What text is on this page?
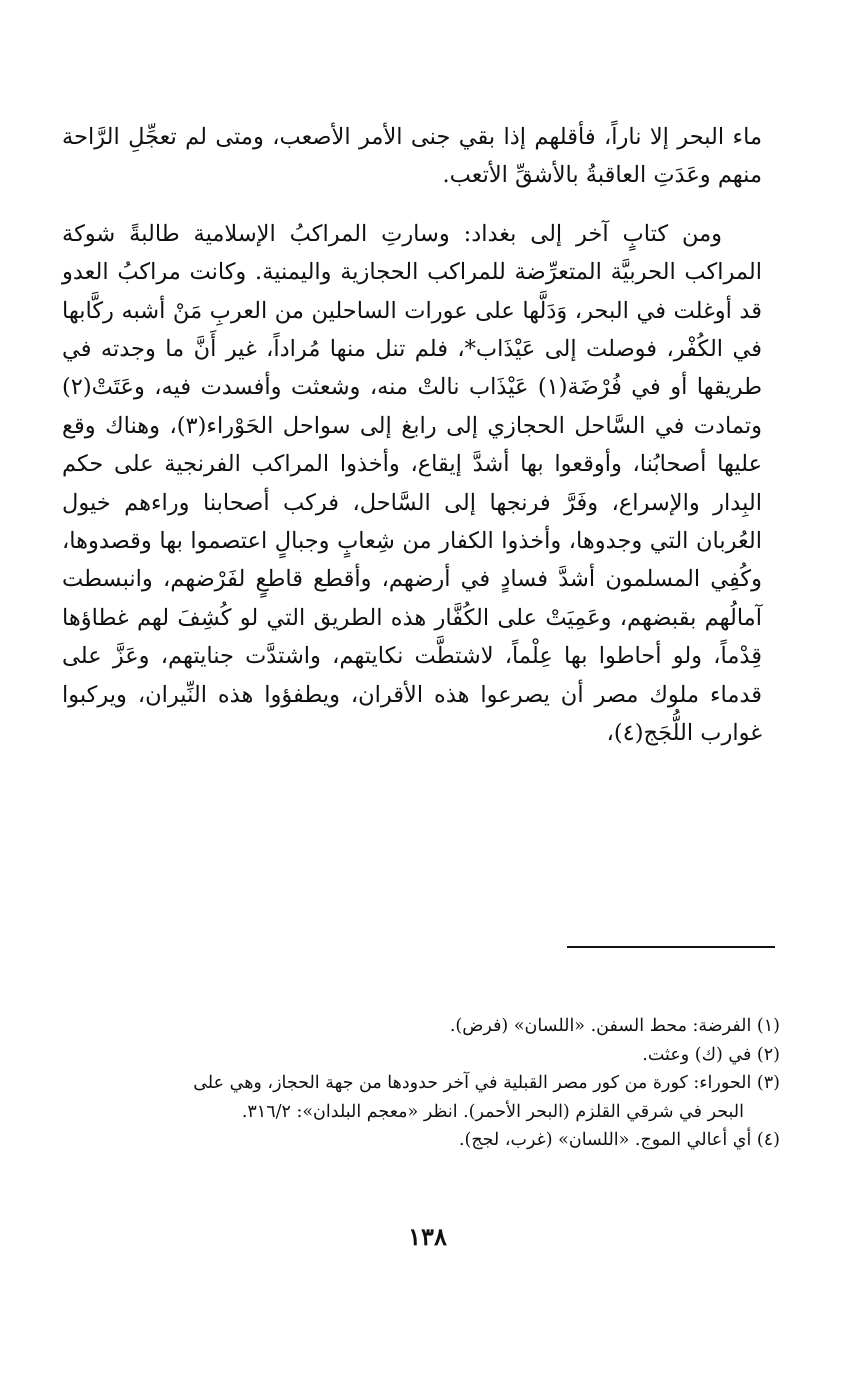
ماء البحر إلا ناراً، فأقلهم إذا بقي جنى الأمر الأصعب، ومتى لم تعجِّلِ الرَّاحة منهم وعَدَتِ العاقبةُ بالأشقِّ الأتعب.

ومن كتابٍ آخر إلى بغداد: وسارتِ المراكبُ الإسلامية طالبةً شوكة المراكب الحربيَّة المتعرِّضة للمراكب الحجازية واليمنية. وكانت مراكبُ العدو قد أوغلت في البحر، وَدَلَّها على عورات الساحلين من العربِ مَنْ أشبه ركَّابها في الكُفْر، فوصلت إلى عَيْذَاب*، فلم تنل منها مُراداً، غير أَنَّ ما وجدته في طريقها أو في فُرْضَة(١) عَيْذَاب نالتْ منه، وشعثت وأفسدت فيه، وعَتَتْ(٢) وتمادت في السَّاحل الحجازي إلى رابغ إلى سواحل الحَوْراء(٣)، وهناك وقع عليها أصحابُنا، وأوقعوا بها أشدَّ إيقاع، وأخذوا المراكب الفرنجية على حكم البِدار والإسراع، وفَرَّ فرنجها إلى السَّاحل، فركب أصحابنا وراءهم خيول العُربان التي وجدوها، وأخذوا الكفار من شِعابٍ وجبالٍ اعتصموا بها وقصدوها، وكُفِي المسلمون أشدَّ فسادٍ في أرضهم، وأقطع قاطعٍ لفَرْضهم، وانبسطت آمالُهم بقبضهم، وعَمِيَتْ على الكُفَّار هذه الطريق التي لو كُشِفَ لهم غطاؤها قِدْماً، ولو أحاطوا بها عِلْماً، لاشتطَّت نكايتهم، واشتدَّت جنايتهم، وعَزَّ على قدماء ملوك مصر أن يصرعوا هذه الأقران، ويطفؤوا هذه النِّيران، ويركبوا غوارب اللُّجَج(٤)،

(١) الفرضة: محط السفن. «اللسان» (فرض).

(٢) في (ك) وعثت.

(٣) الحوراء: كورة من كور مصر القبلية في آخر حدودها من جهة الحجاز، وهي على

البحر في شرقي القلزم (البحر الأحمر). انظر «معجم البلدان»: ٣١٦/٢.

(٤) أي أعالي الموج. «اللسان» (غرب، لجج).

١٣٨
